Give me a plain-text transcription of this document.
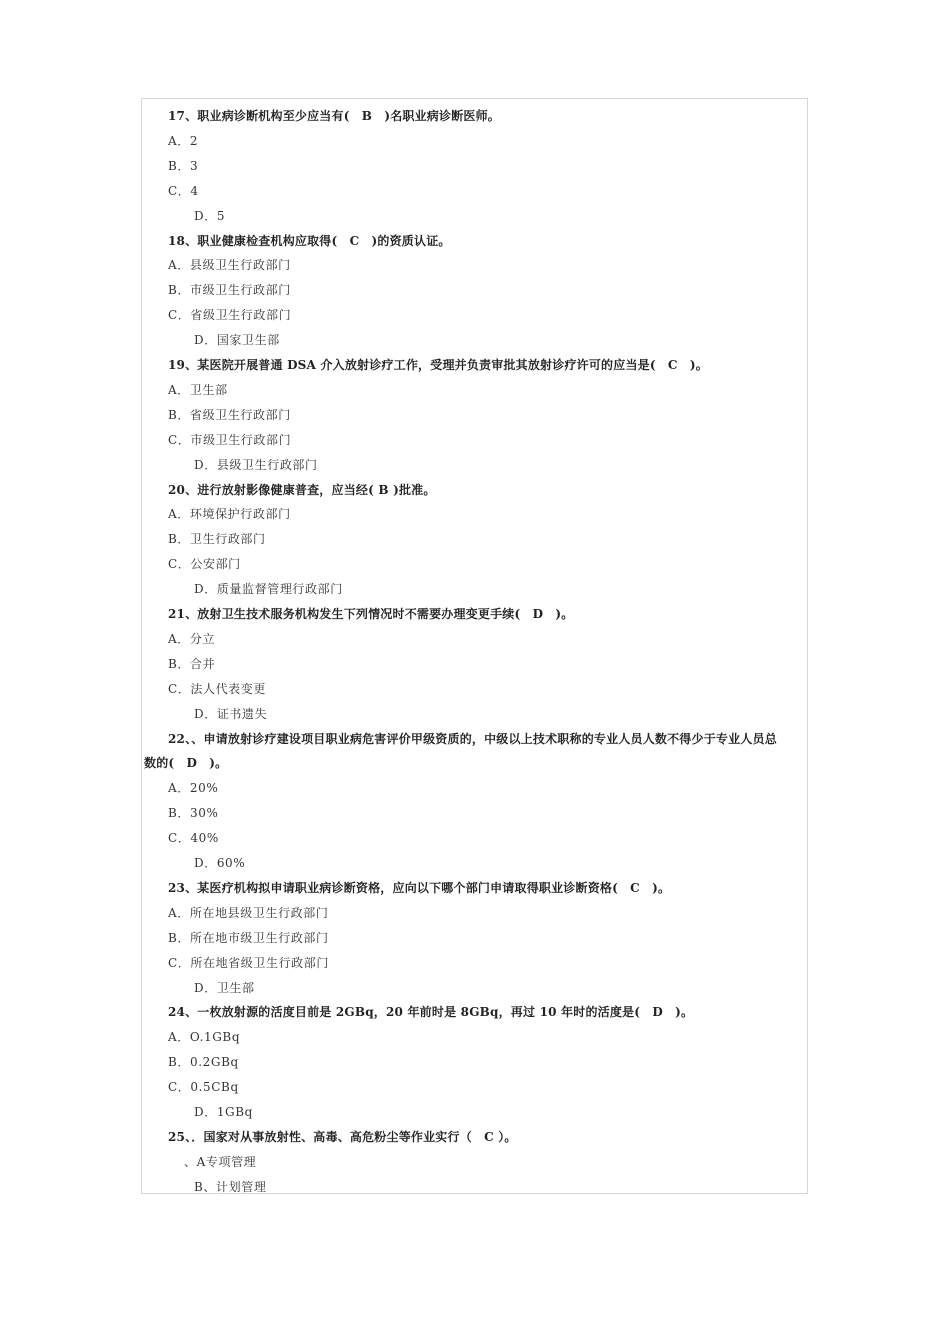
17、职业病诊断机构至少应当有(　B　)名职业病诊断医师。
A．2
B．3
C．4
D．5
18、职业健康检查机构应取得(　C　)的资质认证。
A．县级卫生行政部门
B．市级卫生行政部门
C．省级卫生行政部门
D．国家卫生部
19、某医院开展普通 DSA 介入放射诊疗工作，受理并负责审批其放射诊疗许可的应当是(　C　)。
A．卫生部
B．省级卫生行政部门
C．市级卫生行政部门
D．县级卫生行政部门
20、进行放射影像健康普查，应当经( B )批准。
A．环境保护行政部门
B．卫生行政部门
C．公安部门
D．质量监督管理行政部门
21、放射卫生技术服务机构发生下列情况时不需要办理变更手续(　D　)。
A．分立
B．合并
C．法人代表变更
D．证书遗失
22、、申请放射诊疗建设项目职业病危害评价甲级资质的，中级以上技术职称的专业人员人数不得少于专业人员总
数的(　D　)。
A．20%
B．30%
C．40%
D．60%
23、某医疗机构拟申请职业病诊断资格，应向以下哪个部门申请取得职业诊断资格(　C　)。
A．所在地县级卫生行政部门
B．所在地市级卫生行政部门
C．所在地省级卫生行政部门
D．卫生部
24、一枚放射源的活度目前是 2GBq，20 年前时是 8GBq，再过 10 年时的活度是(　D　)。
A．O.1GBq
B．0.2GBq
C．0.5CBq
D．1GBq
25、．国家对从事放射性、高毒、高危粉尘等作业实行（　C ）。
、A专项管理
B、计划管理
